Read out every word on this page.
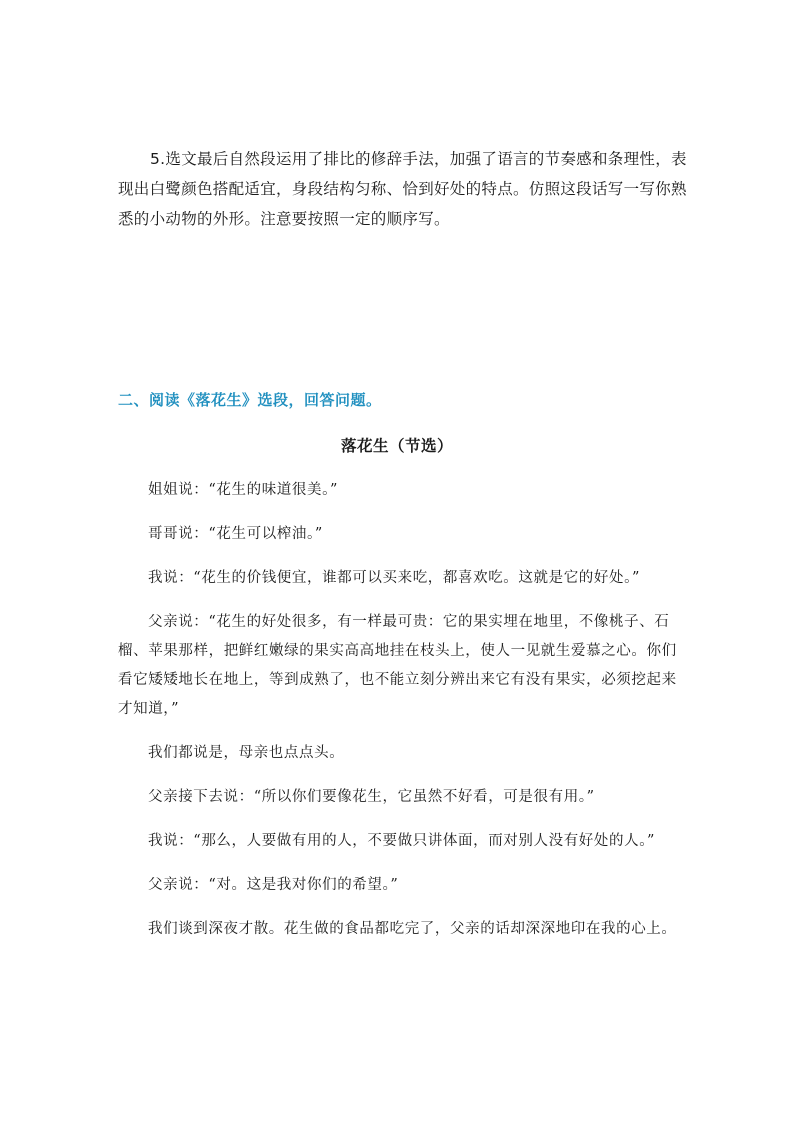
5.选文最后自然段运用了排比的修辞手法，加强了语言的节奏感和条理性，表现出白鹭颜色搭配适宜，身段结构匀称、恰到好处的特点。仿照这段话写一写你熟悉的小动物的外形。注意要按照一定的顺序写。

二、阅读《落花生》选段，回答问题。
落花生（节选）

姐姐说：“花生的味道很美。”

哥哥说：“花生可以榨油。”

我说：“花生的价钱便宜，谁都可以买来吃，都喜欢吃。这就是它的好处。”

父亲说：“花生的好处很多，有一样最可贵：它的果实埋在地里，不像桃子、石榴、苹果那样，把鲜红嫩绿的果实高高地挂在枝头上，使人一见就生爱慕之心。你们看它矮矮地长在地上，等到成熟了，也不能立刻分辨出来它有没有果实，必须挖起来才知道，”

我们都说是，母亲也点点头。

父亲接下去说：“所以你们要像花生，它虽然不好看，可是很有用。”

我说：“那么，人要做有用的人，不要做只讲体面，而对别人没有好处的人。”

父亲说：“对。这是我对你们的希望。”

我们谈到深夜才散。花生做的食品都吃完了，父亲的话却深深地印在我的心上。
